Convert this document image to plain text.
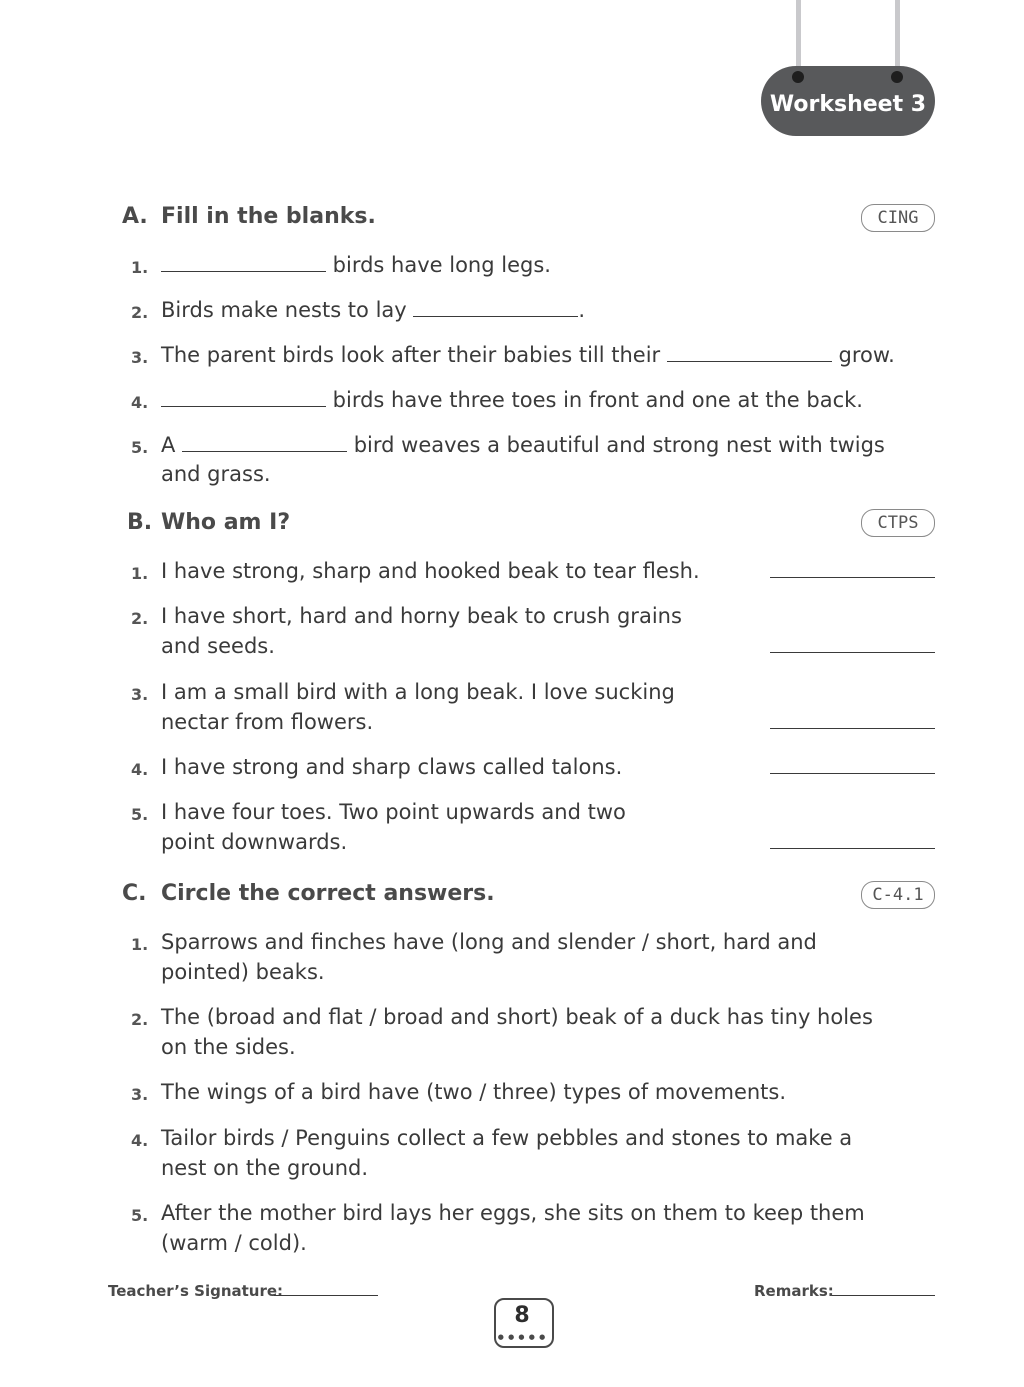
Worksheet 3
A. Fill in the blanks.	CING
1.	birds have long legs.
2. Birds make nests to lay	.
3. The parent birds look after their babies till their	grow.
4.	birds have three toes in front and one at the back.
5. A	bird weaves a beautiful and strong nest with twigs
and grass.
B. Who am I?	CTPS
1. I have strong, sharp and hooked beak to tear flesh.
2. I have short, hard and horny beak to crush grains
and seeds.
3. I am a small bird with a long beak. I love sucking
nectar from flowers.
4. I have strong and sharp claws called talons.
5. I have four toes. Two point upwards and two
point downwards.
C. Circle the correct answers.	C-4.1
1. Sparrows and finches have (long and slender / short, hard and
pointed) beaks.
2. The (broad and flat / broad and short) beak of a duck has tiny holes
on the sides.
3. The wings of a bird have (two / three) types of movements.
4. Tailor birds / Penguins collect a few pebbles and stones to make a
nest on the ground.
5. After the mother bird lays her eggs, she sits on them to keep them
(warm / cold).
Teacher’s Signature:	Remarks:
8
● ● ● ● ●
